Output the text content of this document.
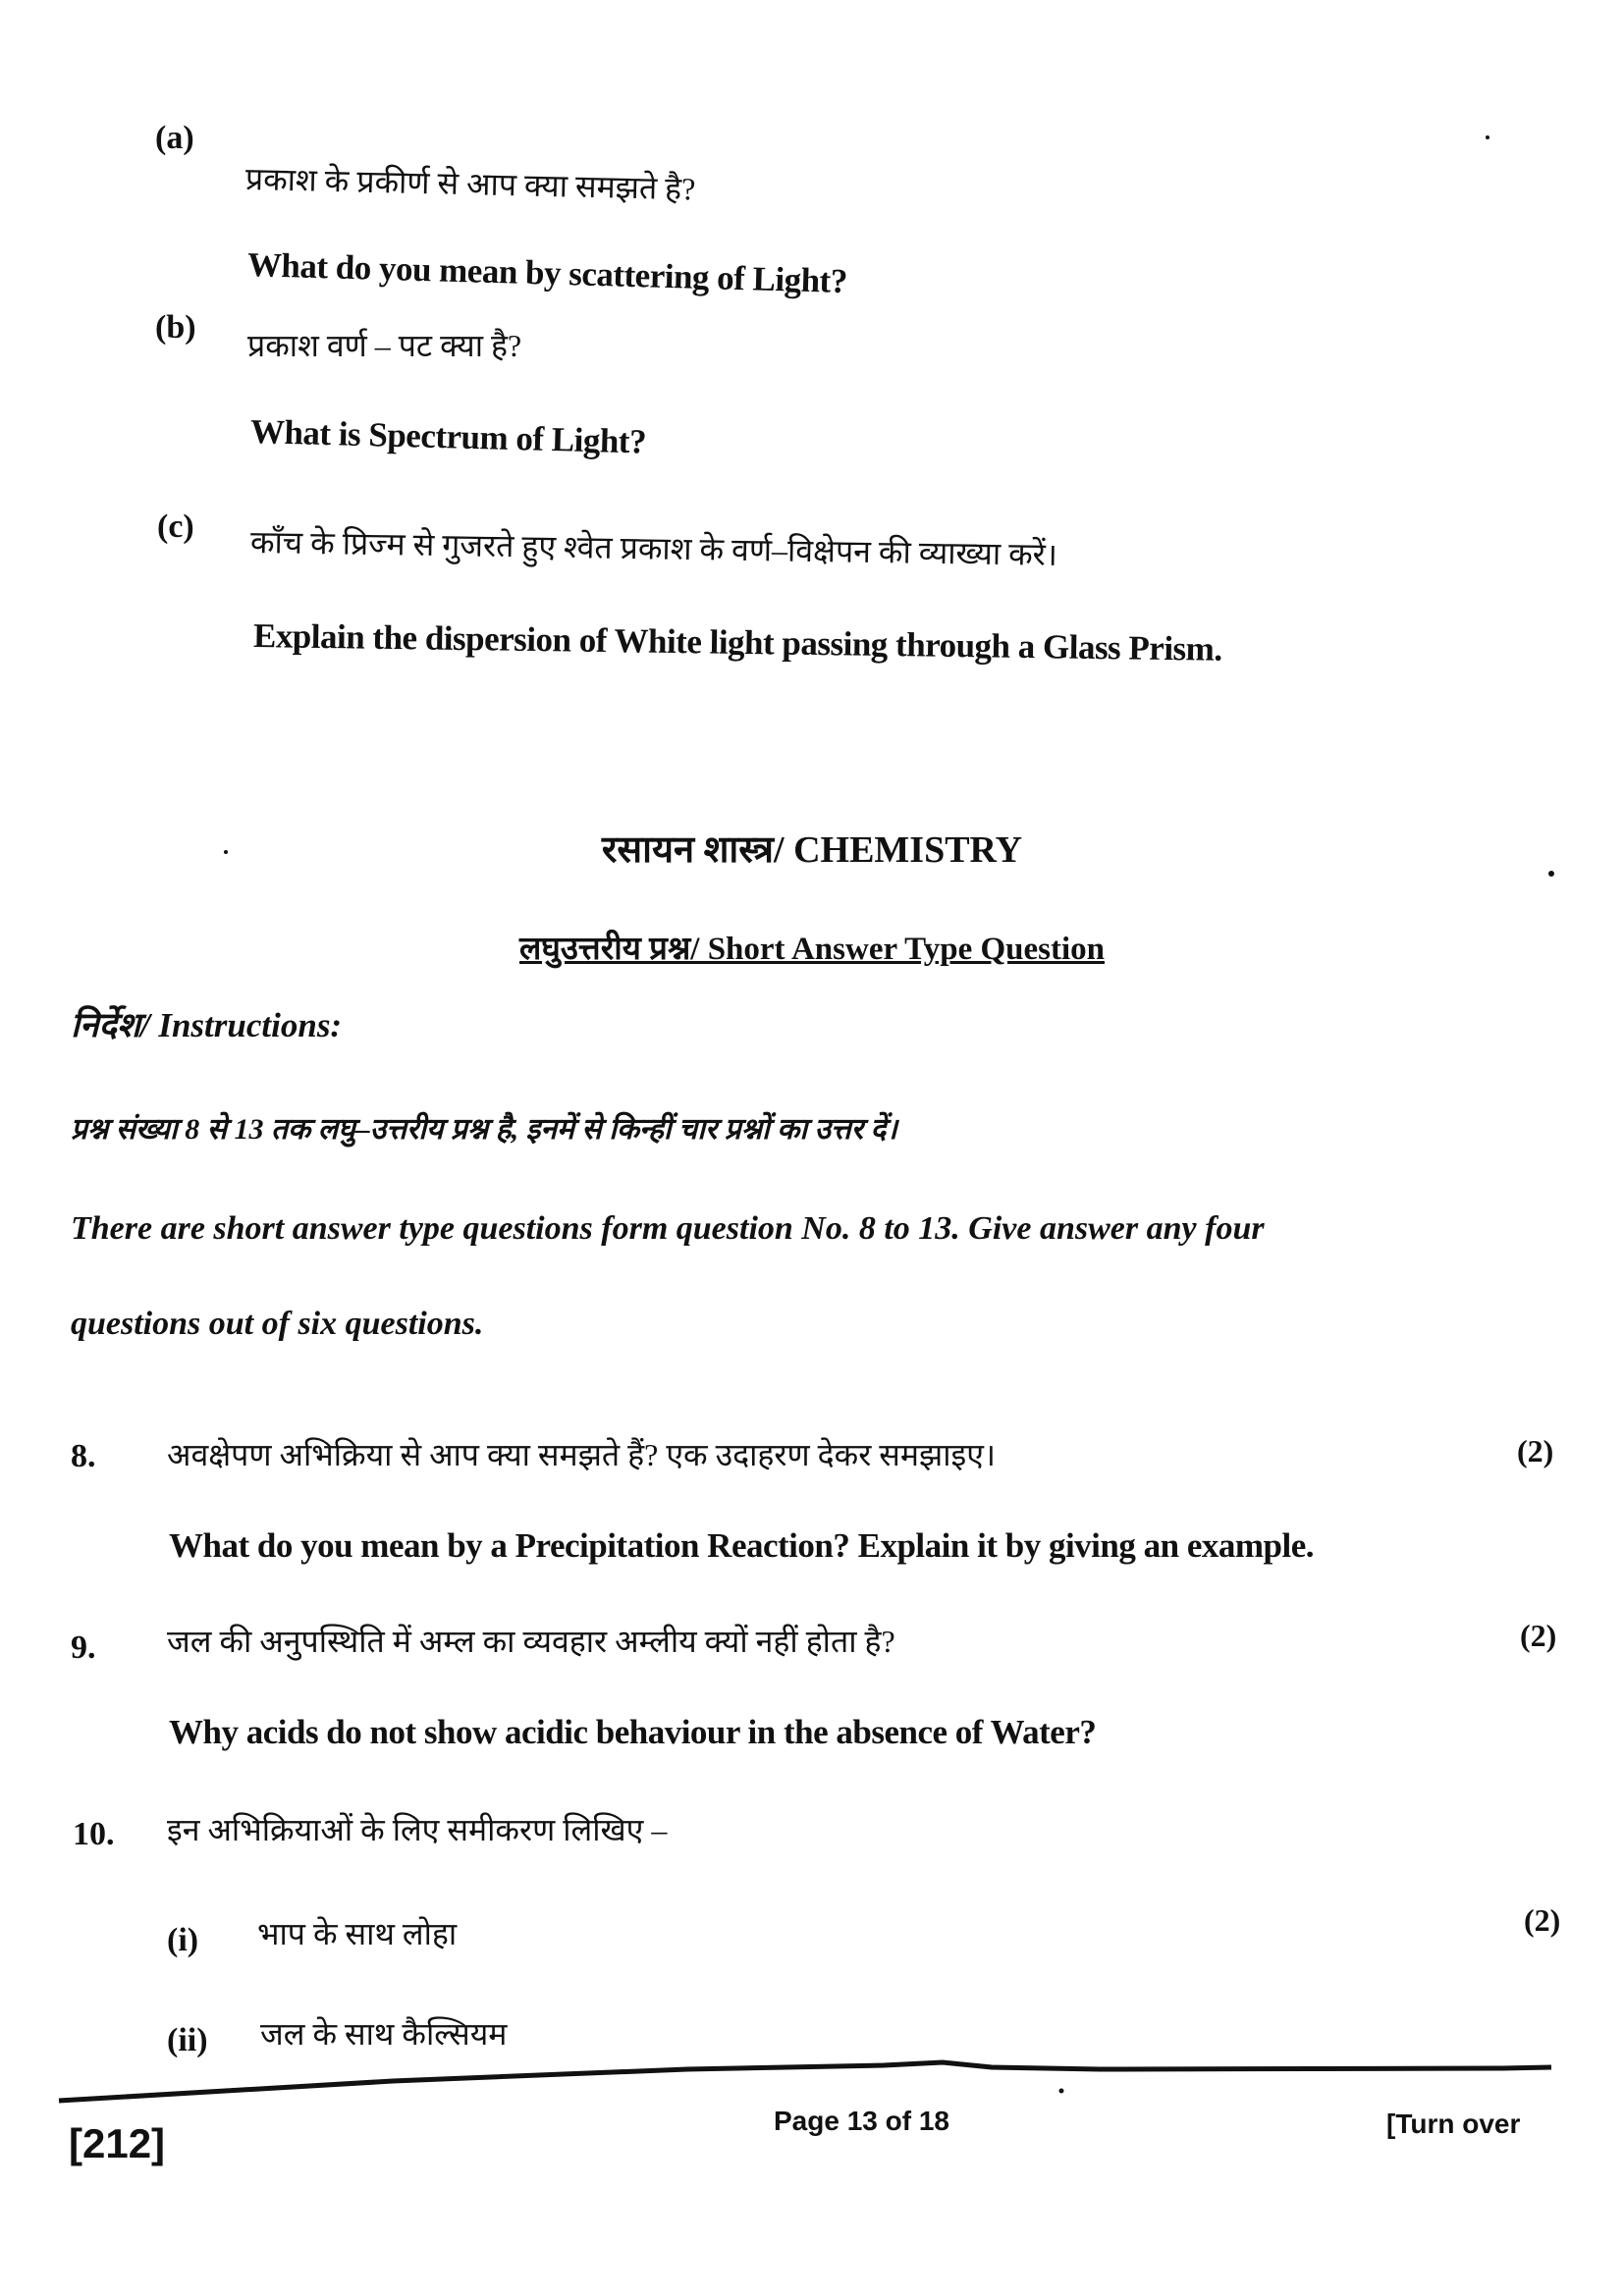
(a)
प्रकाश के प्रकीर्ण से आप क्या समझते है?
What do you mean by scattering of Light?
(b) प्रकाश वर्ण – पट क्या है?
What is Spectrum of Light?
(c) काँच के प्रिज्म से गुजरते हुए श्वेत प्रकाश के वर्ण–विक्षेपन की व्याख्या करें।
Explain the dispersion of White light passing through a Glass Prism.
रसायन शास्त्र/ CHEMISTRY
लघुउत्तरीय प्रश्न/ Short Answer Type Question
निर्देश/ Instructions:
प्रश्न संख्या 8 से 13 तक लघु–उत्तरीय प्रश्न है, इनमें से किन्हीं चार प्रश्नों का उत्तर दें।
There are short answer type questions form question No. 8 to 13. Give answer any four
questions out of six questions.
8. अवक्षेपण अभिक्रिया से आप क्या समझते हैं? एक उदाहरण देकर समझाइए।	(2)
What do you mean by a Precipitation Reaction? Explain it by giving an example.
9. जल की अनुपस्थिति में अम्ल का व्यवहार अम्लीय क्यों नहीं होता है?	(2)
Why acids do not show acidic behaviour in the absence of Water?
10. इन अभिक्रियाओं के लिए समीकरण लिखिए –
(2)
(i) भाप के साथ लोहा
(ii) जल के साथ कैल्सियम
[212]	Page 13 of 18	[Turn over
